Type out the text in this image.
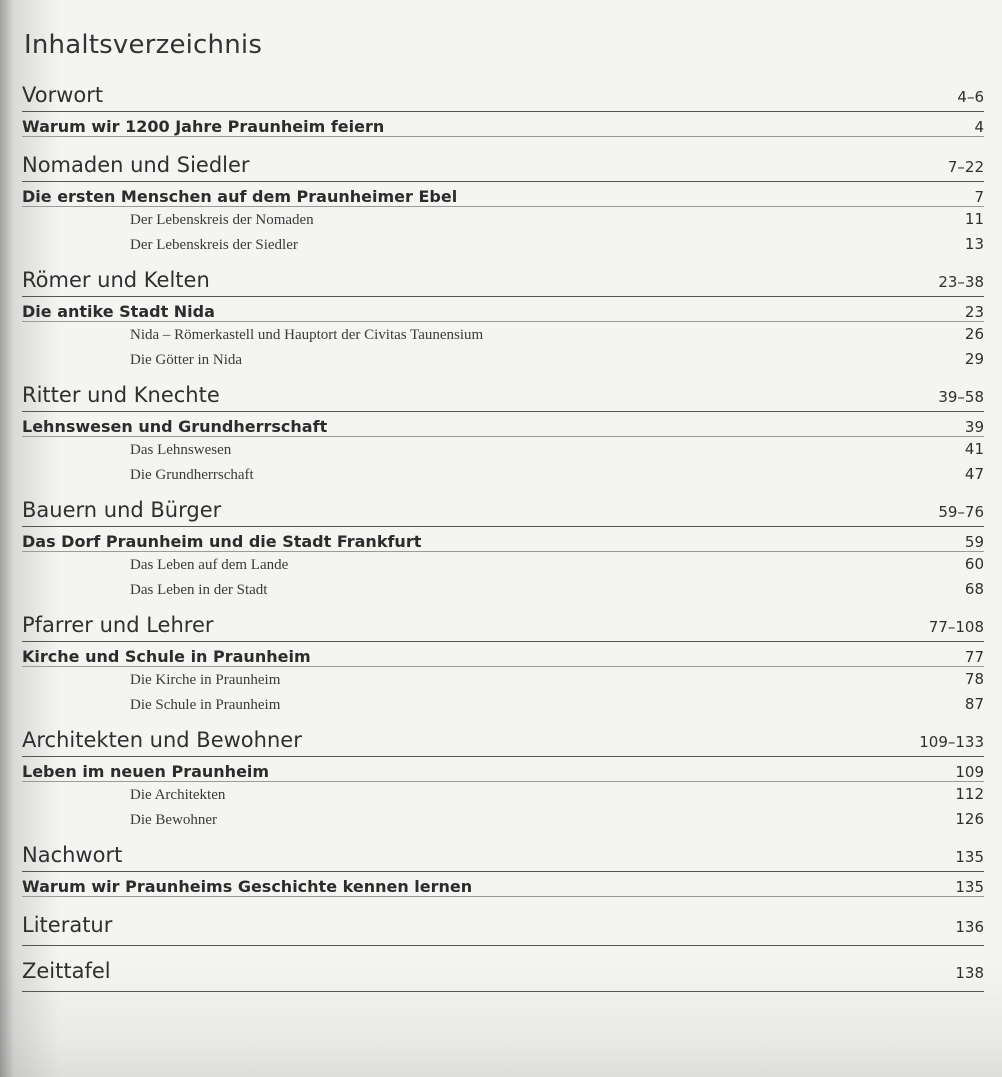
Inhaltsverzeichnis
Vorwort	4–6
Warum wir 1200 Jahre Praunheim feiern	4
Nomaden und Siedler	7–22
Die ersten Menschen auf dem Praunheimer Ebel	7
Der Lebenskreis der Nomaden	11
Der Lebenskreis der Siedler	13
Römer und Kelten	23–38
Die antike Stadt Nida	23
Nida – Römerkastell und Hauptort der Civitas Taunensium	26
Die Götter in Nida	29
Ritter und Knechte	39–58
Lehnswesen und Grundherrschaft	39
Das Lehnswesen	41
Die Grundherrschaft	47
Bauern und Bürger	59–76
Das Dorf Praunheim und die Stadt Frankfurt	59
Das Leben auf dem Lande	60
Das Leben in der Stadt	68
Pfarrer und Lehrer	77–108
Kirche und Schule in Praunheim	77
Die Kirche in Praunheim	78
Die Schule in Praunheim	87
Architekten und Bewohner	109–133
Leben im neuen Praunheim	109
Die Architekten	112
Die Bewohner	126
Nachwort	135
Warum wir Praunheims Geschichte kennen lernen	135
Literatur	136
Zeittafel	138
